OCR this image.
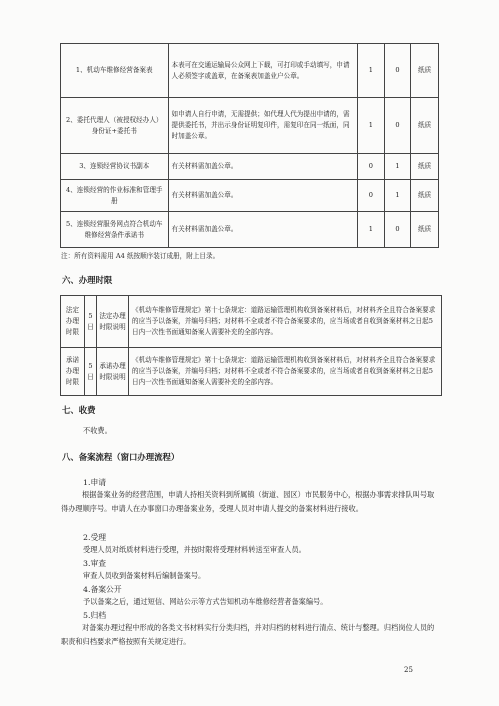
1、机动车维修经营备案表	本表可在交通运输局公众网上下载，可打印或手动填写，申请人必须签字或盖章，在备案表加盖业户公章。	1	0	纸质
2、委托代理人（被授权经办人）身份证+委托书	如申请人自行申请，无需提供；如代理人代为提出申请的，需提供委托书，并出示身份证明复印件，需复印在同一纸面，同时加盖公章。	1	0	纸质
3、连锁经营协议书副本	有关材料需加盖公章。	0	1	纸质
4、连锁经营的作业标准和管理手册	有关材料需加盖公章。	0	1	纸质
5、连锁经营服务网点符合机动车维修经营条件承诺书	有关材料需加盖公章。	1	0	纸质
注：所有资料需用 A4 纸按顺序装订成册，附上目录。
六、办理时限
法定办理时限	5日	法定办理时限说明	《机动车维修管理规定》第十七条规定：道路运输管理机构收到备案材料后，对材料齐全且符合备案要求的应当予以备案，并编号归档；对材料不全或者不符合备案要求的，应当场或者自收到备案材料之日起5日内一次性书面通知备案人需要补充的全部内容。
承诺办理时限	5日	承诺办理时限说明	《机动车维修管理规定》第十七条规定：道路运输管理机构收到备案材料后，对材料齐全且符合备案要求的应当予以备案，并编号归档；对材料不全或者不符合备案要求的，应当场或者自收到备案材料之日起5日内一次性书面通知备案人需要补充的全部内容。
七、收费
不收费。
八、备案流程（窗口办理流程）
1.申请
根据备案业务的经营范围，申请人持相关资料到所属镇（街道、园区）市民服务中心，根据办事需求排队叫号取得办理顺序号。申请人在办事窗口办理备案业务，受理人员对申请人提交的备案材料进行接收。
2.受理
受理人员对纸质材料进行受理，并按时限将受理材料转送至审查人员。
3.审查
审查人员收到备案材料后编制备案号。
4.备案公开
予以备案之后，通过短信、网站公示等方式告知机动车维修经营者备案编号。
5.归档
对备案办理过程中形成的各类文书材料实行分类归档，并对归档的材料进行清点、统计与整理。归档岗位人员的职责和归档要求严格按照有关规定进行。
25
